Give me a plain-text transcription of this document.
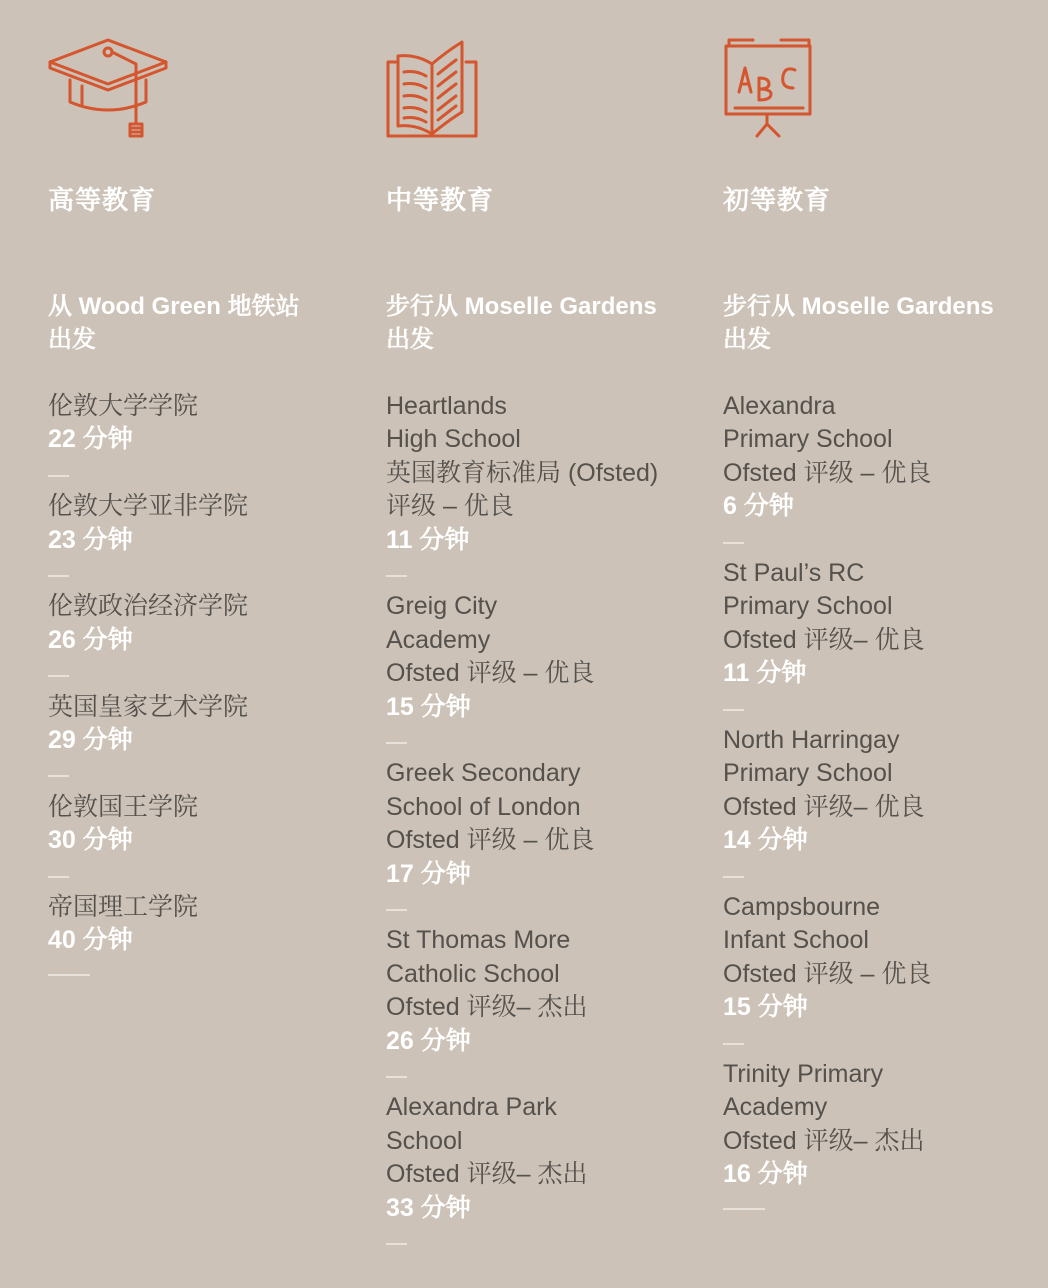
高等教育
从 Wood Green 地铁站
出发
伦敦大学学院
22 分钟
伦敦大学亚非学院
23 分钟
伦敦政治经济学院
26 分钟
英国皇家艺术学院
29 分钟
伦敦国王学院
30 分钟
帝国理工学院
40 分钟
中等教育
步行从 Moselle Gardens
出发
Heartlands
High School
英国教育标准局 (Ofsted)
评级 – 优良
11 分钟
Greig City
Academy
Ofsted 评级 – 优良
15 分钟
Greek Secondary
School of London
Ofsted 评级 – 优良
17 分钟
St Thomas More
Catholic School
Ofsted 评级– 杰出
26 分钟
Alexandra Park
School
Ofsted 评级– 杰出
33 分钟
初等教育
步行从 Moselle Gardens
出发
Alexandra
Primary School
Ofsted 评级 – 优良
6 分钟
St Paul’s RC
Primary School
Ofsted 评级– 优良
11 分钟
North Harringay
Primary School
Ofsted 评级– 优良
14 分钟
Campsbourne
Infant School
Ofsted 评级 – 优良
15 分钟
Trinity Primary
Academy
Ofsted 评级– 杰出
16 分钟
